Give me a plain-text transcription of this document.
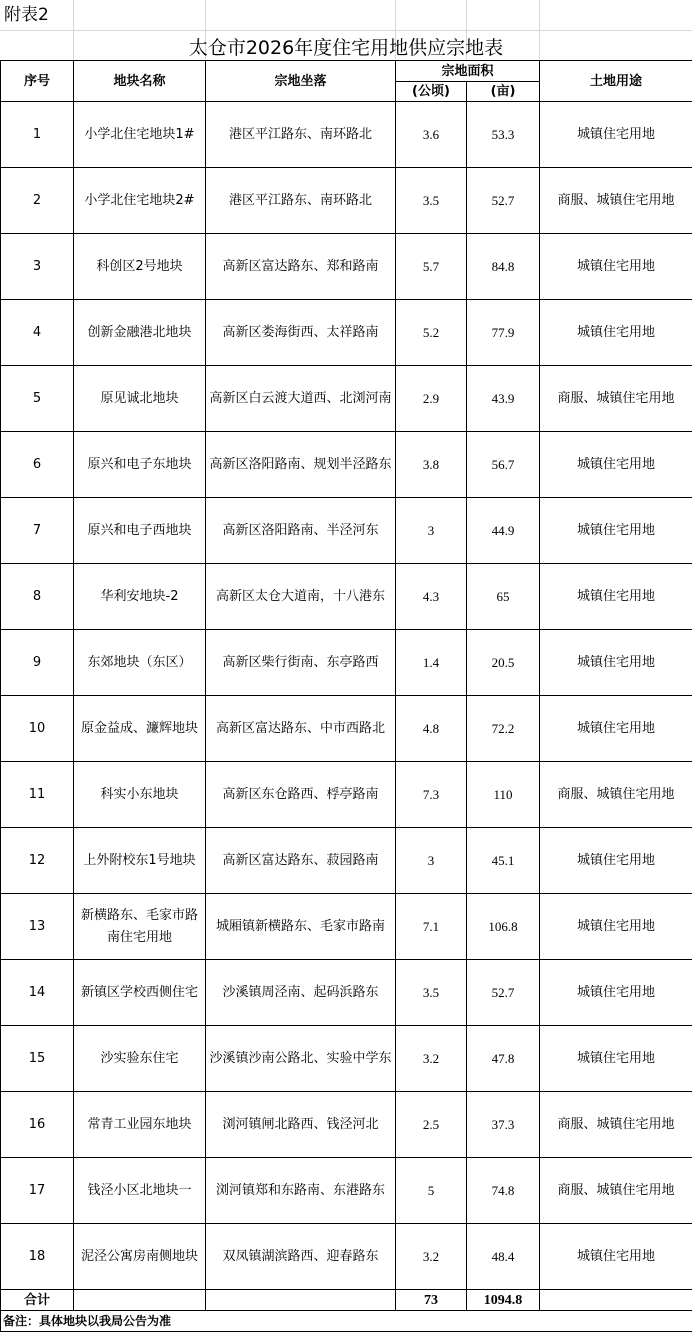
附表2
太仓市2026年度住宅用地供应宗地表
序号	地块名称	宗地坐落	宗地面积		土地用途
			(公顷)	(亩)	
1	小学北住宅地块1#	港区平江路东、南环路北	3.6	53.3	城镇住宅用地
2	小学北住宅地块2#	港区平江路东、南环路北	3.5	52.7	商服、城镇住宅用地
3	科创区2号地块	高新区富达路东、郑和路南	5.7	84.8	城镇住宅用地
4	创新金融港北地块	高新区娄海街西、太祥路南	5.2	77.9	城镇住宅用地
5	原见诚北地块	高新区白云渡大道西、北浏河南	2.9	43.9	商服、城镇住宅用地
6	原兴和电子东地块	高新区洛阳路南、规划半泾路东	3.8	56.7	城镇住宅用地
7	原兴和电子西地块	高新区洛阳路南、半泾河东	3	44.9	城镇住宅用地
8	华利安地块-2	高新区太仓大道南，十八港东	4.3	65	城镇住宅用地
9	东郊地块（东区）	高新区柴行街南、东亭路西	1.4	20.5	城镇住宅用地
10	原金益成、濂辉地块	高新区富达路东、中市西路北	4.8	72.2	城镇住宅用地
11	科实小东地块	高新区东仓路西、桴亭路南	7.3	110	商服、城镇住宅用地
12	上外附校东1号地块	高新区富达路东、菽园路南	3	45.1	城镇住宅用地
13	新横路东、毛家市路南住宅用地	城厢镇新横路东、毛家市路南	7.1	106.8	城镇住宅用地
14	新镇区学校西侧住宅	沙溪镇周泾南、起码浜路东	3.5	52.7	城镇住宅用地
15	沙实验东住宅	沙溪镇沙南公路北、实验中学东	3.2	47.8	城镇住宅用地
16	常青工业园东地块	浏河镇闸北路西、钱泾河北	2.5	37.3	商服、城镇住宅用地
17	钱泾小区北地块一	浏河镇郑和东路南、东港路东	5	74.8	商服、城镇住宅用地
18	泥泾公寓房南侧地块	双凤镇湖滨路西、迎春路东	3.2	48.4	城镇住宅用地
合计			73	1094.8	
备注：具体地块以我局公告为准					
